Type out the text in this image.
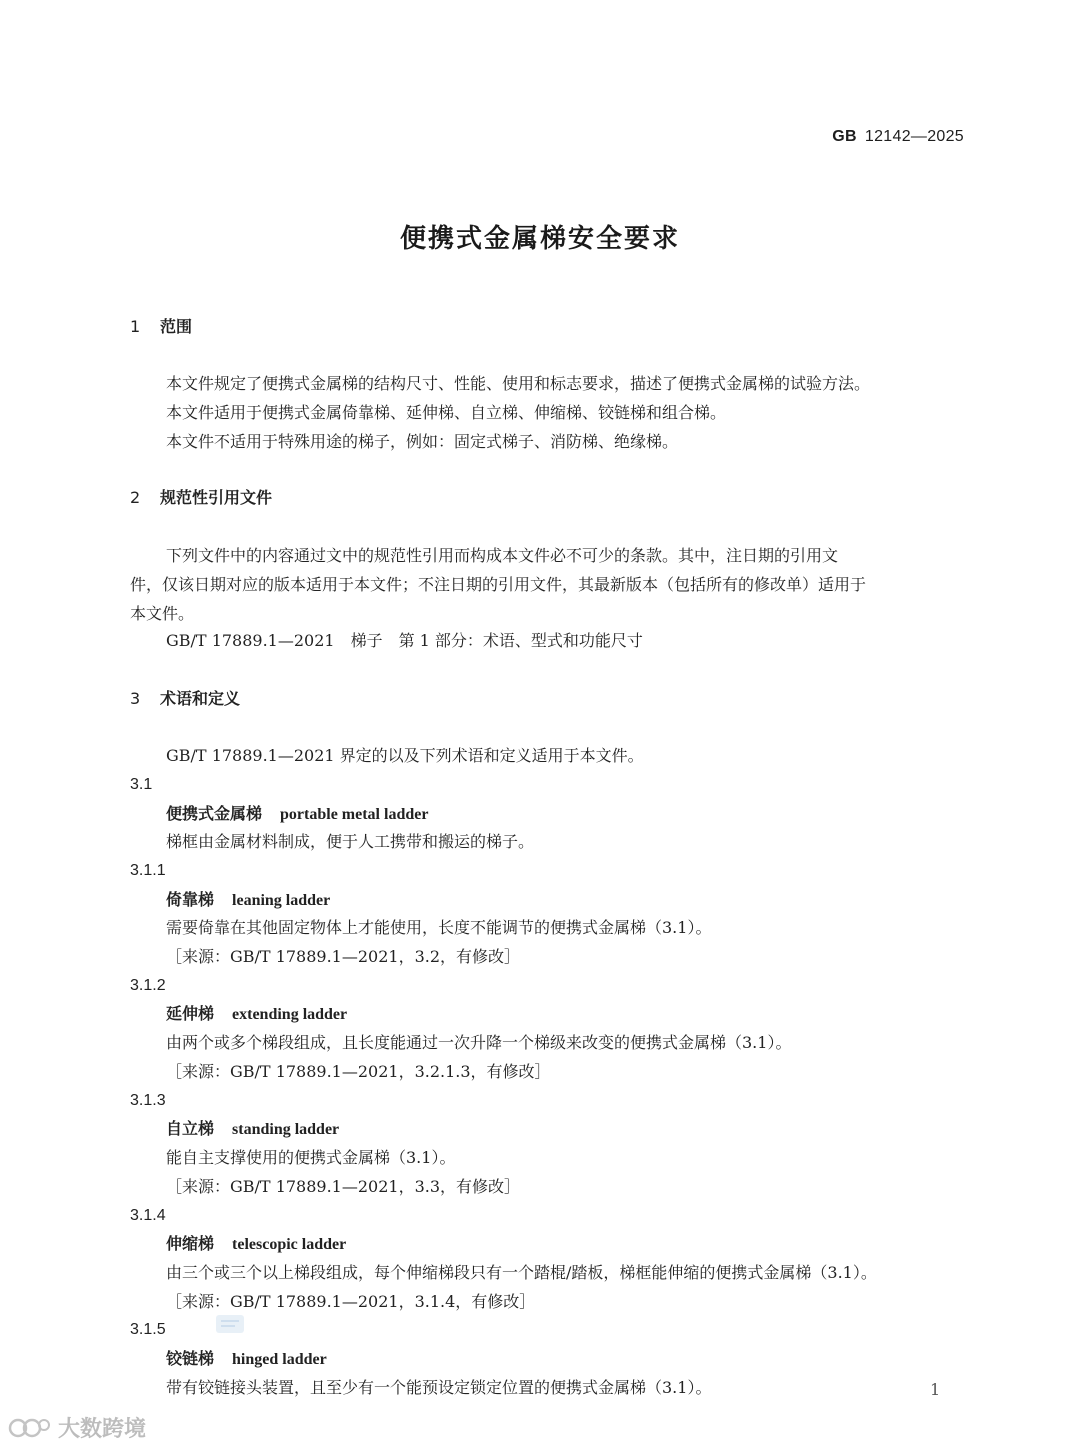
GB 12142—2025
便携式金属梯安全要求
1 范围
本文件规定了便携式金属梯的结构尺寸、性能、使用和标志要求，描述了便携式金属梯的试验方法。
本文件适用于便携式金属倚靠梯、延伸梯、自立梯、伸缩梯、铰链梯和组合梯。
本文件不适用于特殊用途的梯子，例如：固定式梯子、消防梯、绝缘梯。
2 规范性引用文件
下列文件中的内容通过文中的规范性引用而构成本文件必不可少的条款。其中，注日期的引用文
件，仅该日期对应的版本适用于本文件；不注日期的引用文件，其最新版本（包括所有的修改单）适用于
本文件。
GB/T 17889.1—2021　梯子　第 1 部分：术语、型式和功能尺寸
3 术语和定义
GB/T 17889.1—2021 界定的以及下列术语和定义适用于本文件。
3.1
便携式金属梯 portable metal ladder
梯框由金属材料制成，便于人工携带和搬运的梯子。
3.1.1
倚靠梯 leaning ladder
需要倚靠在其他固定物体上才能使用，长度不能调节的便携式金属梯（3.1）。
［来源：GB/T 17889.1—2021，3.2，有修改］
3.1.2
延伸梯 extending ladder
由两个或多个梯段组成，且长度能通过一次升降一个梯级来改变的便携式金属梯（3.1）。
［来源：GB/T 17889.1—2021，3.2.1.3，有修改］
3.1.3
自立梯 standing ladder
能自主支撑使用的便携式金属梯（3.1）。
［来源：GB/T 17889.1—2021，3.3，有修改］
3.1.4
伸缩梯 telescopic ladder
由三个或三个以上梯段组成，每个伸缩梯段只有一个踏棍/踏板，梯框能伸缩的便携式金属梯（3.1）。
［来源：GB/T 17889.1—2021，3.1.4，有修改］
3.1.5
铰链梯 hinged ladder
带有铰链接头装置，且至少有一个能预设定锁定位置的便携式金属梯（3.1）。	1
大数跨境
